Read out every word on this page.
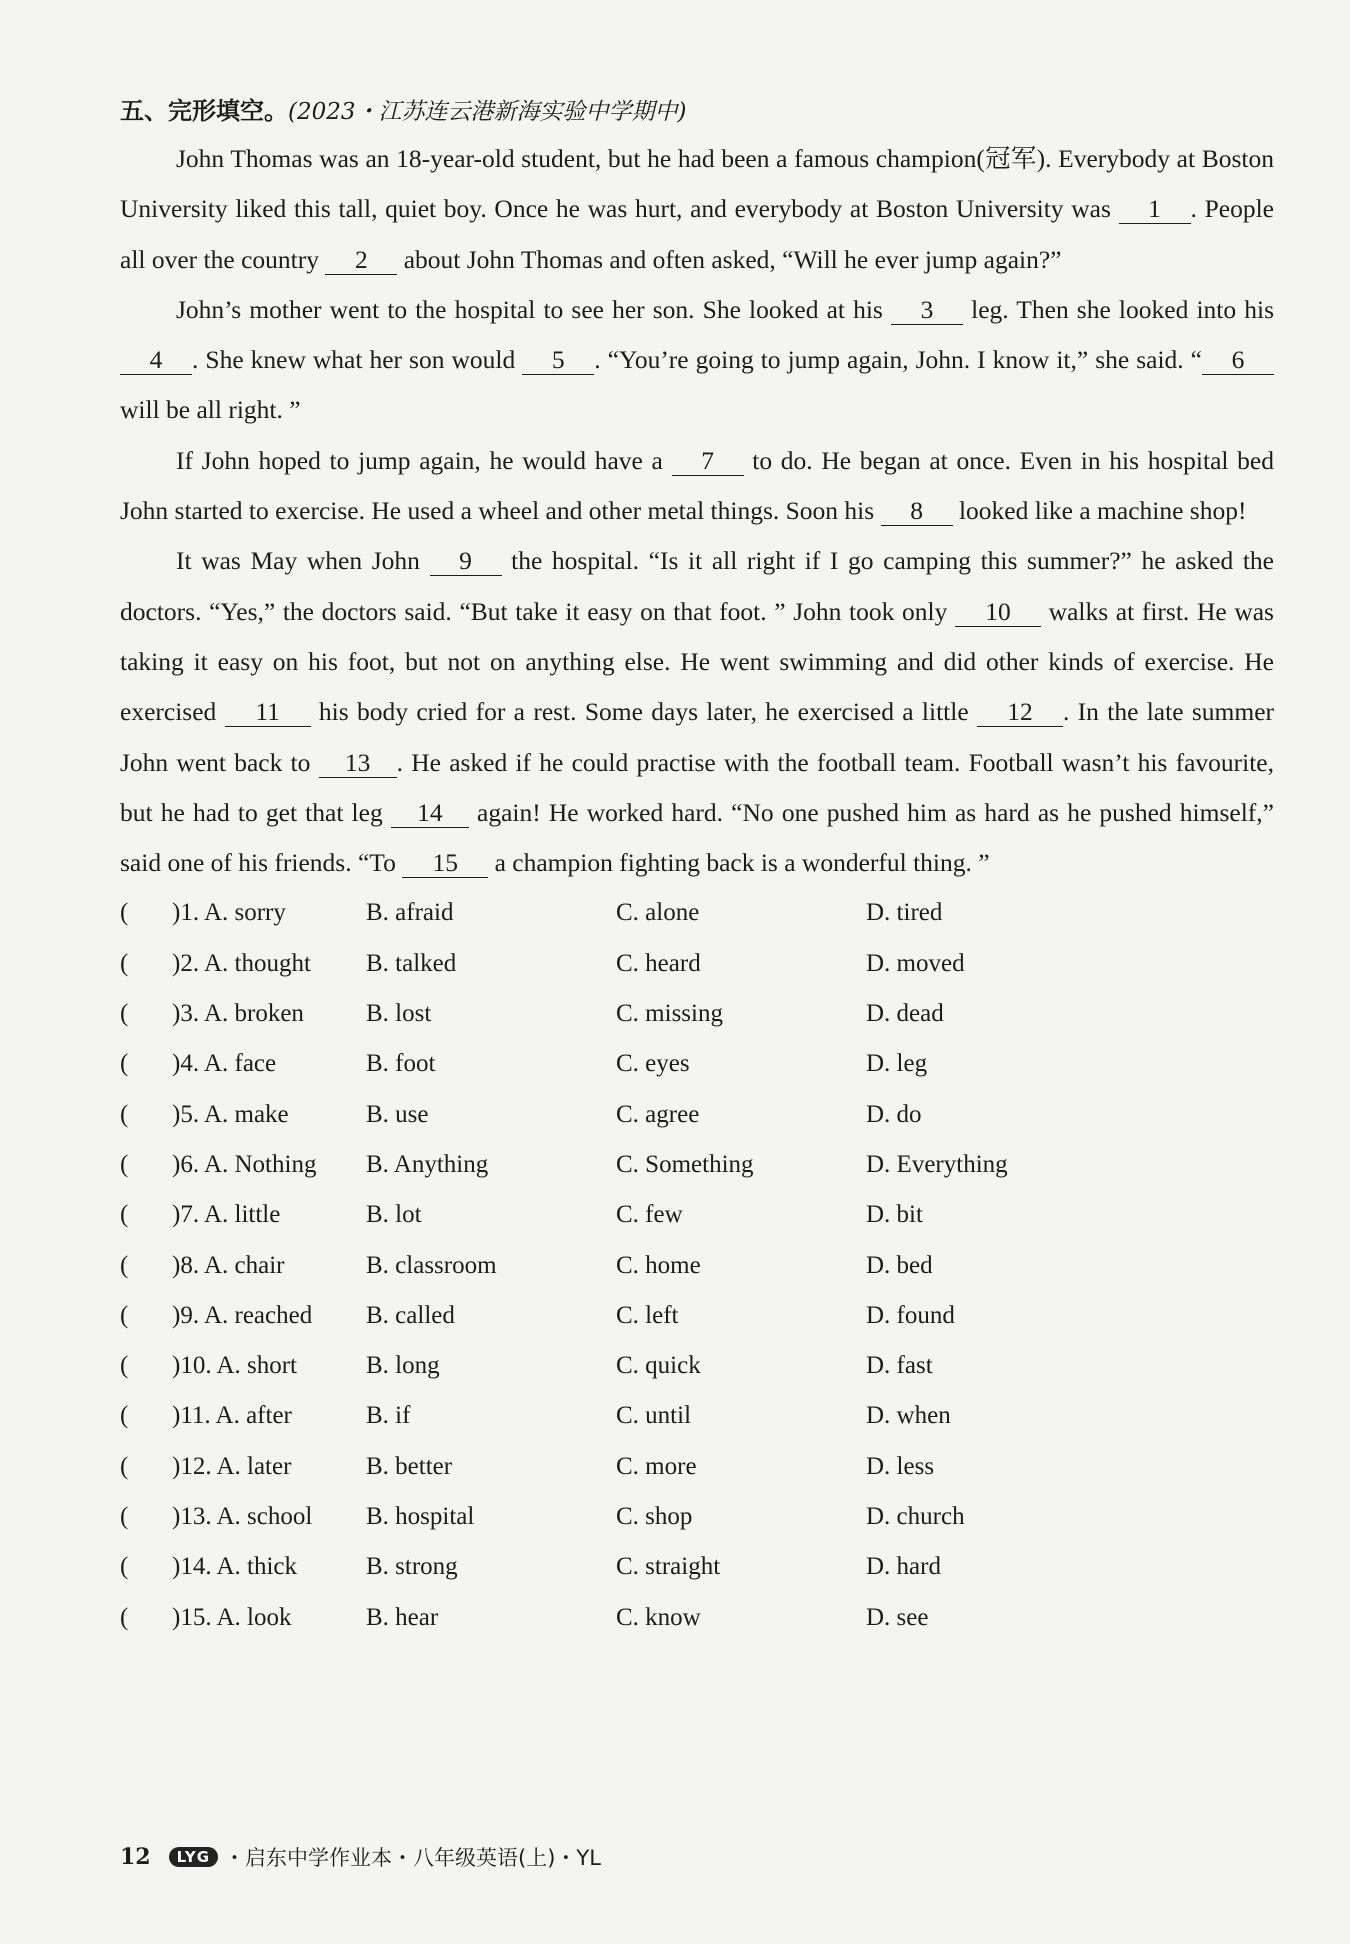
五、完形填空。(2023・江苏连云港新海实验中学期中)

John Thomas was an 18-year-old student, but he had been a famous champion(冠军). Everybody at Boston University liked this tall, quiet boy. Once he was hurt, and everybody at Boston University was 1 . People all over the country 2 about John Thomas and often asked, “Will he ever jump again?”

John’s mother went to the hospital to see her son. She looked at his 3 leg. Then she looked into his 4 . She knew what her son would 5 . “You’re going to jump again, John. I know it,” she said. “ 6 will be all right. ”

If John hoped to jump again, he would have a 7 to do. He began at once. Even in his hospital bed John started to exercise. He used a wheel and other metal things. Soon his 8 looked like a machine shop!

It was May when John 9 the hospital. “Is it all right if I go camping this summer?” he asked the doctors. “Yes,” the doctors said. “But take it easy on that foot. ” John took only 10 walks at first. He was taking it easy on his foot, but not on anything else. He went swimming and did other kinds of exercise. He exercised 11 his body cried for a rest. Some days later, he exercised a little 12 . In the late summer John went back to 13 . He asked if he could practise with the football team. Football wasn’t his favourite, but he had to get that leg 14 again! He worked hard. “No one pushed him as hard as he pushed himself,” said one of his friends. “To 15 a champion fighting back is a wonderful thing. ”

(	)1. A. sorry	B. afraid	C. alone	D. tired
(	)2. A. thought	B. talked	C. heard	D. moved
(	)3. A. broken	B. lost	C. missing	D. dead
(	)4. A. face	B. foot	C. eyes	D. leg
(	)5. A. make	B. use	C. agree	D. do
(	)6. A. Nothing	B. Anything	C. Something	D. Everything
(	)7. A. little	B. lot	C. few	D. bit
(	)8. A. chair	B. classroom	C. home	D. bed
(	)9. A. reached	B. called	C. left	D. found
(	)10. A. short	B. long	C. quick	D. fast
(	)11. A. after	B. if	C. until	D. when
(	)12. A. later	B. better	C. more	D. less
(	)13. A. school	B. hospital	C. shop	D. church
(	)14. A. thick	B. strong	C. straight	D. hard
(	)15. A. look	B. hear	C. know	D. see
12	LYG ・启东中学作业本・八年级英语(上)・YL
